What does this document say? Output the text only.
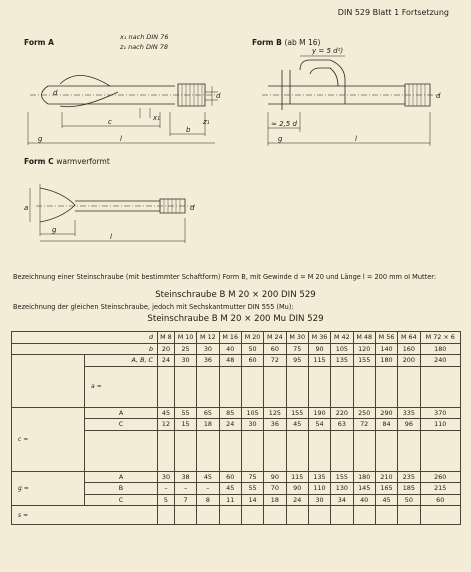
DIN 529 Blatt 1 Fortsetzung
d
c
b
g	l
x₁	z₁
d
y = 5 d²)
≈ 2,5 d
d
g	l
a	d
g
l
Form A
x₁ nach DIN 76
z₁ nach DIN 78	Form B (ab M 16)
Form C warmverformt
Bezeichnung einer Steinschraube (mit bestimmter Schaftform) Form B, mit Gewinde d = M 20 und Länge l = 200 mm oI Mutter:
Steinschraube B M 20 × 200 DIN 529
Bezeichnung der gleichen Steinschraube, jedoch mit Sechskantmutter DIN 555 (Mu):
Steinschraube B M 20 × 200 Mu DIN 529
d		M 8	M 10	M 12	M 16	M 20	M 24	M 30	M 36	M 42	M 48	M 56	M 64	M 72 × 6
b		20	25	30	40	50	60	75	90	105	120	140	160	180
	A, B, C	24	30	36	48	60	72	95	115	135	155	180	200	240
	a ≈													
c ≈	A	45	55	65	85	105	125	155	190	220	250	290	335	370
	C	12	15	18	24	30	36	45	54	63	72	84	96	110

g ≈	A	30	38	45	60	75	90	115	135	155	180	210	235	260
	B	–	–	–	45	55	70	90	110	130	145	165	185	215
	C	5	7	8	11	14	18	24	30	34	40	45	50	60
s ≈														
